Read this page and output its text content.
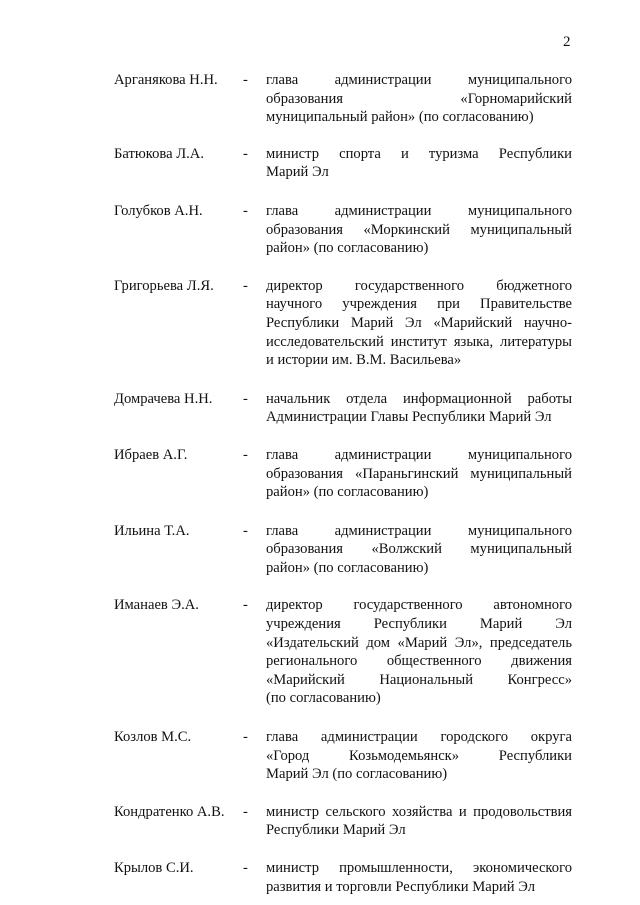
2
Арганякова Н.Н. - глава администрации муниципального
образования «Горномарийский
муниципальный район» (по согласованию)
Батюкова Л.А.	- министр спорта и туризма Республики
Марий Эл
Голубков А.Н.	- глава администрации муниципального
образования «Моркинский муниципальный
район» (по согласованию)
Григорьева Л.Я. - директор государственного бюджетного
научного учреждения при Правительстве
Республики Марий Эл «Марийский научно-
исследовательский институт языка, литературы
и истории им. В.М. Васильева»
Домрачева Н.Н. - начальник отдела информационной работы
Администрации Главы Республики Марий Эл
Ибраев А.Г.	- глава администрации муниципального
образования «Параньгинский муниципальный
район» (по согласованию)
Ильина Т.А.	- глава администрации муниципального
образования «Волжский муниципальный
район» (по согласованию)
Иманаев Э.А.	- директор государственного автономного
учреждения Республики Марий Эл
«Издательский дом «Марий Эл», председатель
регионального общественного движения
«Марийский Национальный Конгресс»
(по согласованию)
Козлов М.С.	- глава администрации городского округа
«Город Козьмодемьянск» Республики
Марий Эл (по согласованию)
Кондратенко А.В. - министр сельского хозяйства и продовольствия
Республики Марий Эл
Крылов С.И.	- министр промышленности, экономического
развития и торговли Республики Марий Эл
